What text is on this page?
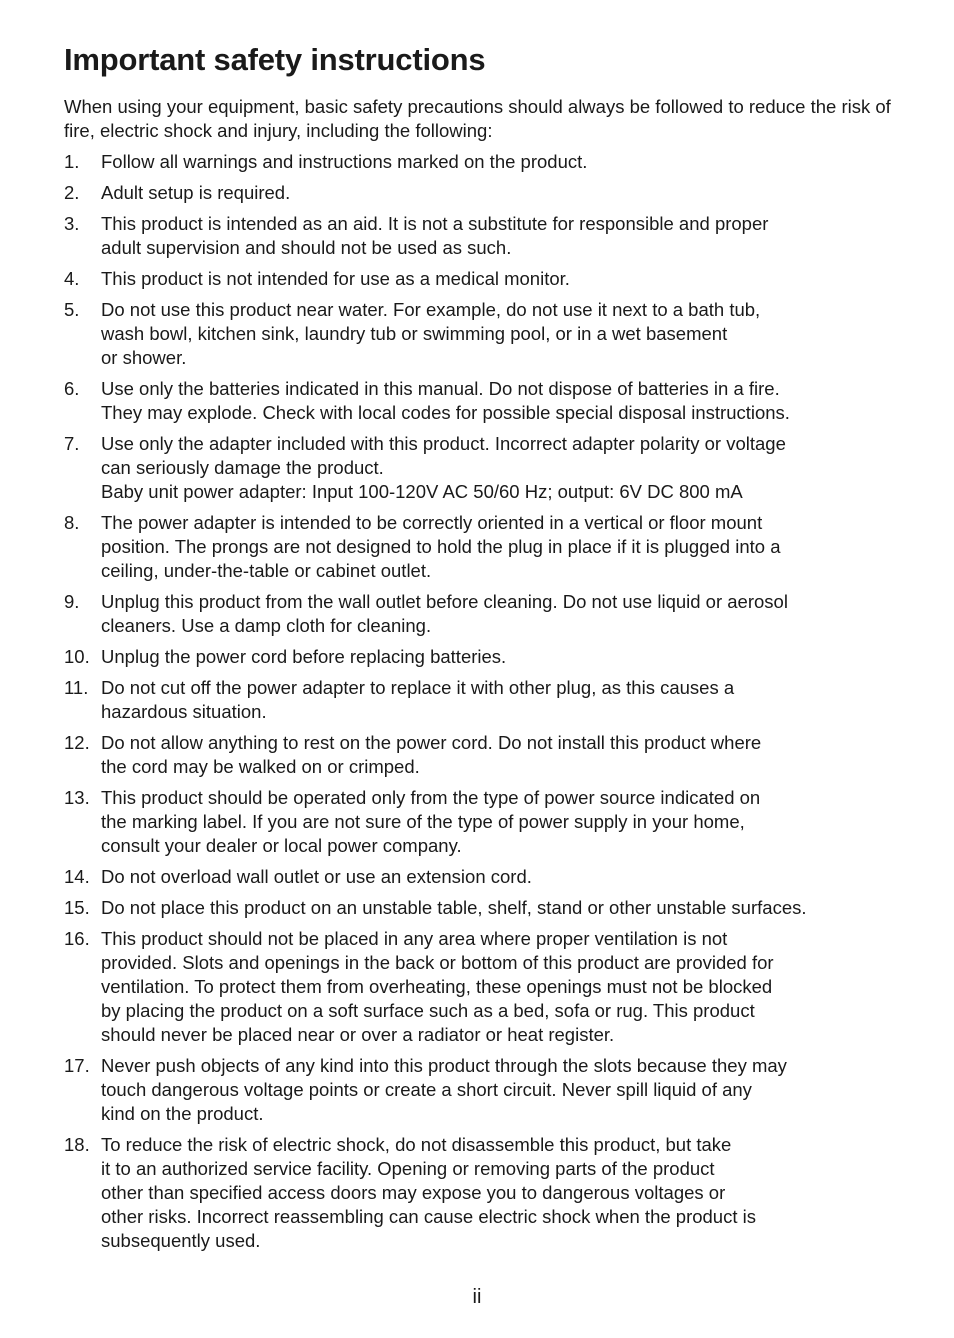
Important safety instructions

When using your equipment, basic safety precautions should always be followed to reduce the risk of fire, electric shock and injury, including the following:

1.	Follow all warnings and instructions marked on the product.
2.	Adult setup is required.
3.	This product is intended as an aid. It is not a substitute for responsible and proper
adult supervision and should not be used as such.
4.	This product is not intended for use as a medical monitor.
5.	Do not use this product near water. For example, do not use it next to a bath tub,
wash bowl, kitchen sink, laundry tub or swimming pool, or in a wet basement
or shower.
6.	Use only the batteries indicated in this manual. Do not dispose of batteries in a fire.
They may explode. Check with local codes for possible special disposal instructions.
7.	Use only the adapter included with this product. Incorrect adapter polarity or voltage
can seriously damage the product.
Baby unit power adapter: Input 100-120V AC 50/60 Hz; output: 6V DC 800 mA
8.	The power adapter is intended to be correctly oriented in a vertical or floor mount
position. The prongs are not designed to hold the plug in place if it is plugged into a
ceiling, under-the-table or cabinet outlet.
9.	Unplug this product from the wall outlet before cleaning. Do not use liquid or aerosol
cleaners. Use a damp cloth for cleaning.
10. Unplug the power cord before replacing batteries.
11. Do not cut off the power adapter to replace it with other plug, as this causes a
hazardous situation.
12. Do not allow anything to rest on the power cord. Do not install this product where
the cord may be walked on or crimped.
13. This product should be operated only from the type of power source indicated on
the marking label. If you are not sure of the type of power supply in your home,
consult your dealer or local power company.
14. Do not overload wall outlet or use an extension cord.
15. Do not place this product on an unstable table, shelf, stand or other unstable surfaces.
16. This product should not be placed in any area where proper ventilation is not
provided. Slots and openings in the back or bottom of this product are provided for
ventilation. To protect them from overheating, these openings must not be blocked
by placing the product on a soft surface such as a bed, sofa or rug. This product
should never be placed near or over a radiator or heat register.
17. Never push objects of any kind into this product through the slots because they may
touch dangerous voltage points or create a short circuit. Never spill liquid of any
kind on the product.
18. To reduce the risk of electric shock, do not disassemble this product, but take
it to an authorized service facility. Opening or removing parts of the product
other than specified access doors may expose you to dangerous voltages or
other risks. Incorrect reassembling can cause electric shock when the product is
subsequently used.
ii
